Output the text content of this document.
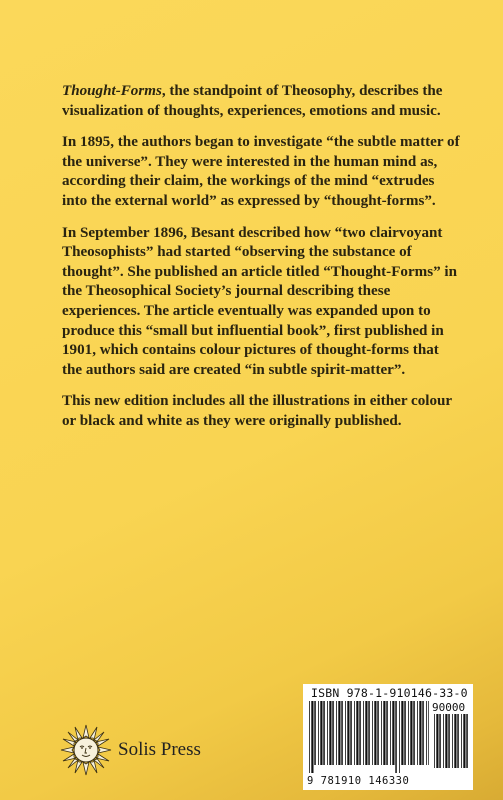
Thought-Forms, the standpoint of Theosophy, describes the visualization of thoughts, experiences, emotions and music.

In 1895, the authors began to investigate “the subtle matter of the universe”. They were interested in the human mind as, according their claim, the workings of the mind “extrudes into the external world” as expressed by “thought-forms”.

In September 1896, Besant described how “two clairvoyant Theosophists” had started “observing the substance of thought”. She published an article titled “Thought-Forms” in the Theosophical Society’s journal describing these experiences. The article eventually was expanded upon to produce this “small but influential book”, first published in 1901, which contains colour pictures of thought-forms that the authors said are created “in subtle spirit-matter”.

This new edition includes all the illustrations in either colour or black and white as they were originally published.

Solis Press
ISBN 978-1-910146-33-0
90000
9 781910 146330
